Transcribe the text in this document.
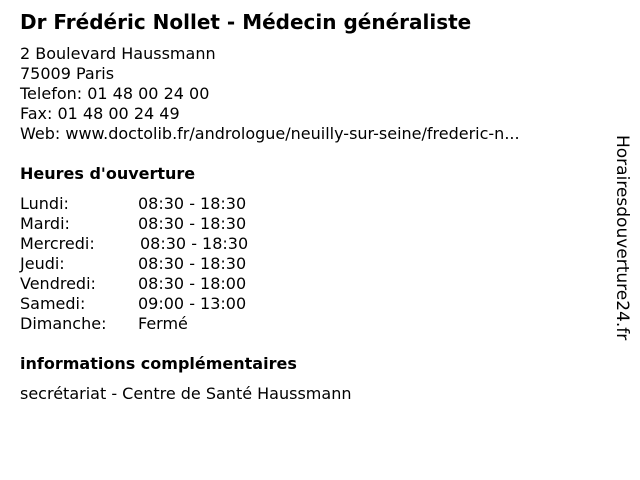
Dr Frédéric Nollet - Médecin généraliste
2 Boulevard Haussmann
75009 Paris
Telefon: 01 48 00 24 00
Fax: 01 48 00 24 49
Web: www.doctolib.fr/andrologue/neuilly-sur-seine/frederic-n...
Heures d'ouverture
Lundi:	08:30 - 18:30
Mardi:	08:30 - 18:30
Mercredi:	08:30 - 18:30
Jeudi:	08:30 - 18:30
Vendredi:	08:30 - 18:00
Samedi:	09:00 - 13:00
Dimanche: Fermé
informations complémentaires
secrétariat - Centre de Santé Haussmann
Horairesdouverture24.fr
